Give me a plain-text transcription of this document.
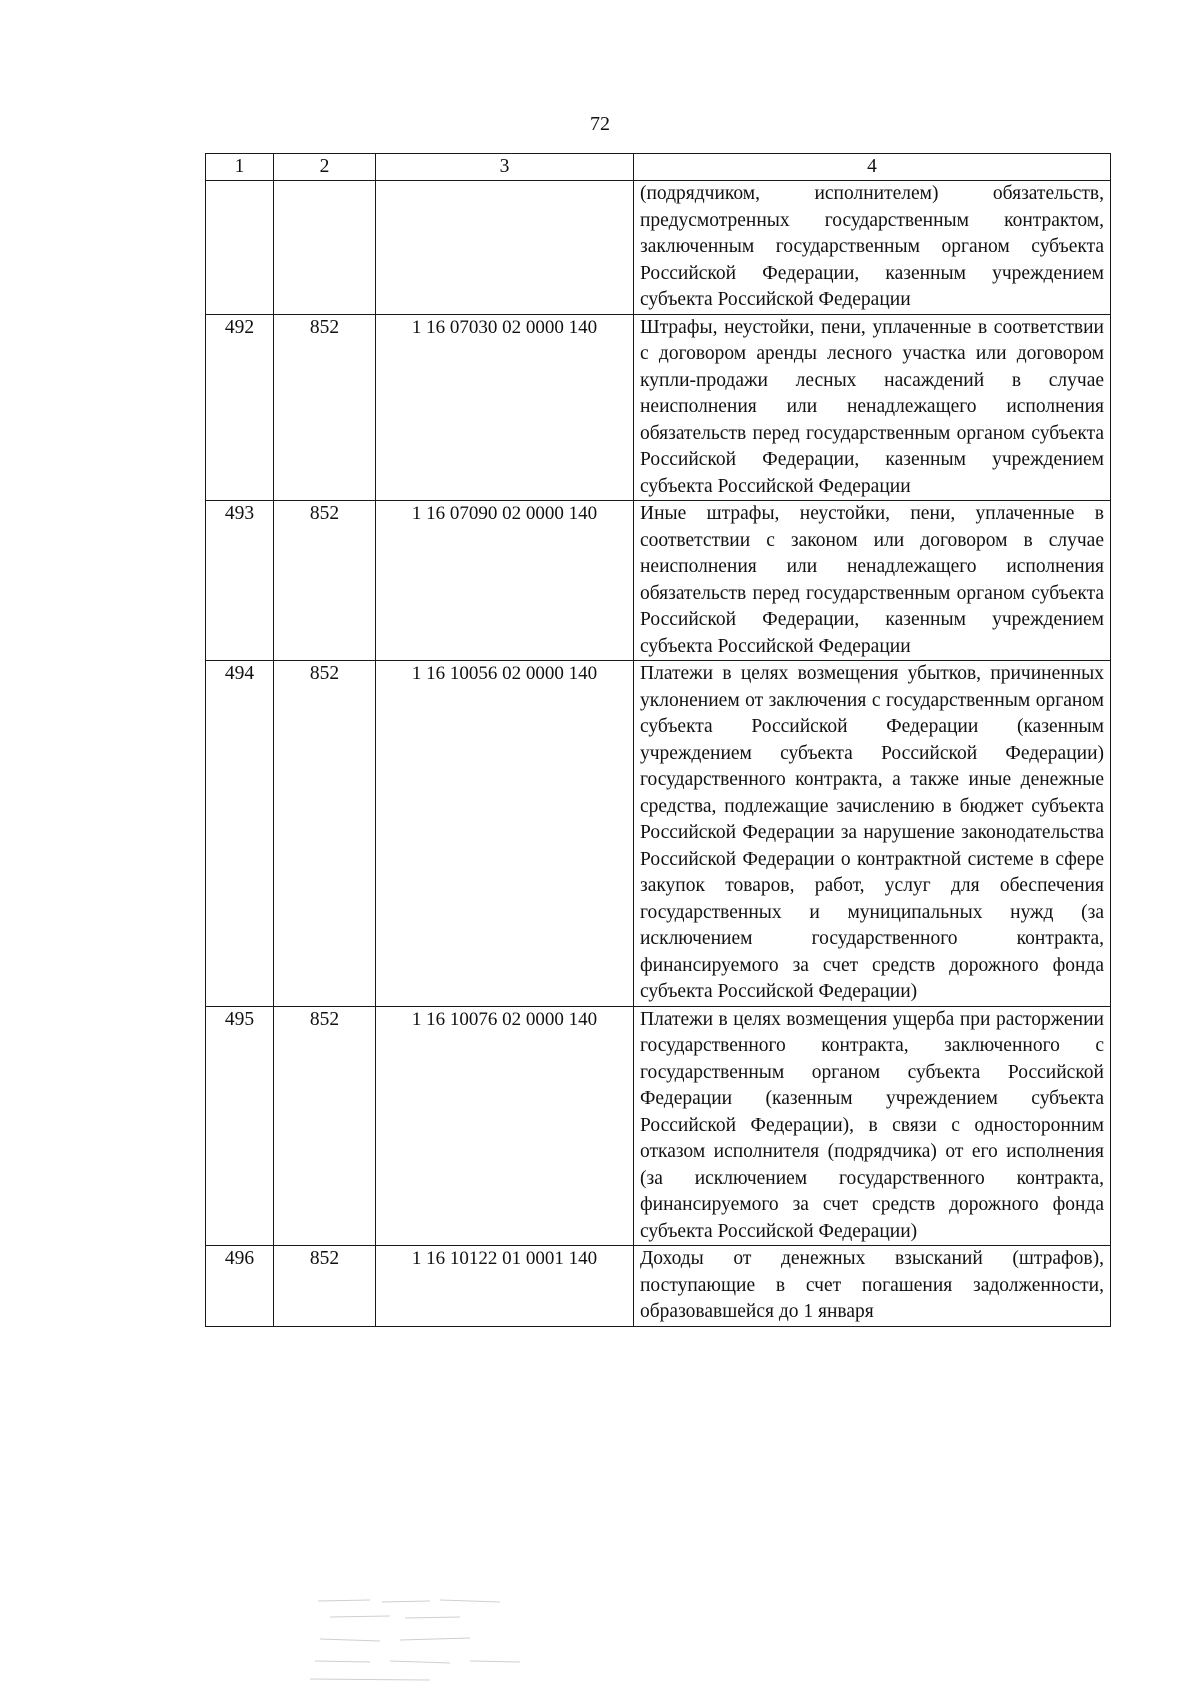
72
1	2	3	4
			(подрядчиком, исполнителем) обязательств, предусмотренных государственным контрактом, заключенным государственным органом субъекта Российской Федерации, казенным учреждением субъекта Российской Федерации
492	852	1 16 07030 02 0000 140	Штрафы, неустойки, пени, уплаченные в соответствии с договором аренды лесного участка или договором купли-продажи лесных насаждений в случае неисполнения или ненадлежащего исполнения обязательств перед государственным органом субъекта Российской Федерации, казенным учреждением субъекта Российской Федерации
493	852	1 16 07090 02 0000 140	Иные штрафы, неустойки, пени, уплаченные в соответствии с законом или договором в случае неисполнения или ненадлежащего исполнения обязательств перед государственным органом субъекта Российской Федерации, казенным учреждением субъекта Российской Федерации
494	852	1 16 10056 02 0000 140	Платежи в целях возмещения убытков, причиненных уклонением от заключения с государственным органом субъекта Российской Федерации (казенным учреждением субъекта Российской Федерации) государственного контракта, а также иные денежные средства, подлежащие зачислению в бюджет субъекта Российской Федерации за нарушение законодательства Российской Федерации о контрактной системе в сфере закупок товаров, работ, услуг для обеспечения государственных и муниципальных нужд (за исключением государственного контракта, финансируемого за счет средств дорожного фонда субъекта Российской Федерации)
495	852	1 16 10076 02 0000 140	Платежи в целях возмещения ущерба при расторжении государственного контракта, заключенного с государственным органом субъекта Российской Федерации (казенным учреждением субъекта Российской Федерации), в связи с односторонним отказом исполнителя (подрядчика) от его исполнения (за исключением государственного контракта, финансируемого за счет средств дорожного фонда субъекта Российской Федерации)
496	852	1 16 10122 01 0001 140	Доходы от денежных взысканий (штрафов), поступающие в счет погашения задолженности, образовавшейся до 1 января
